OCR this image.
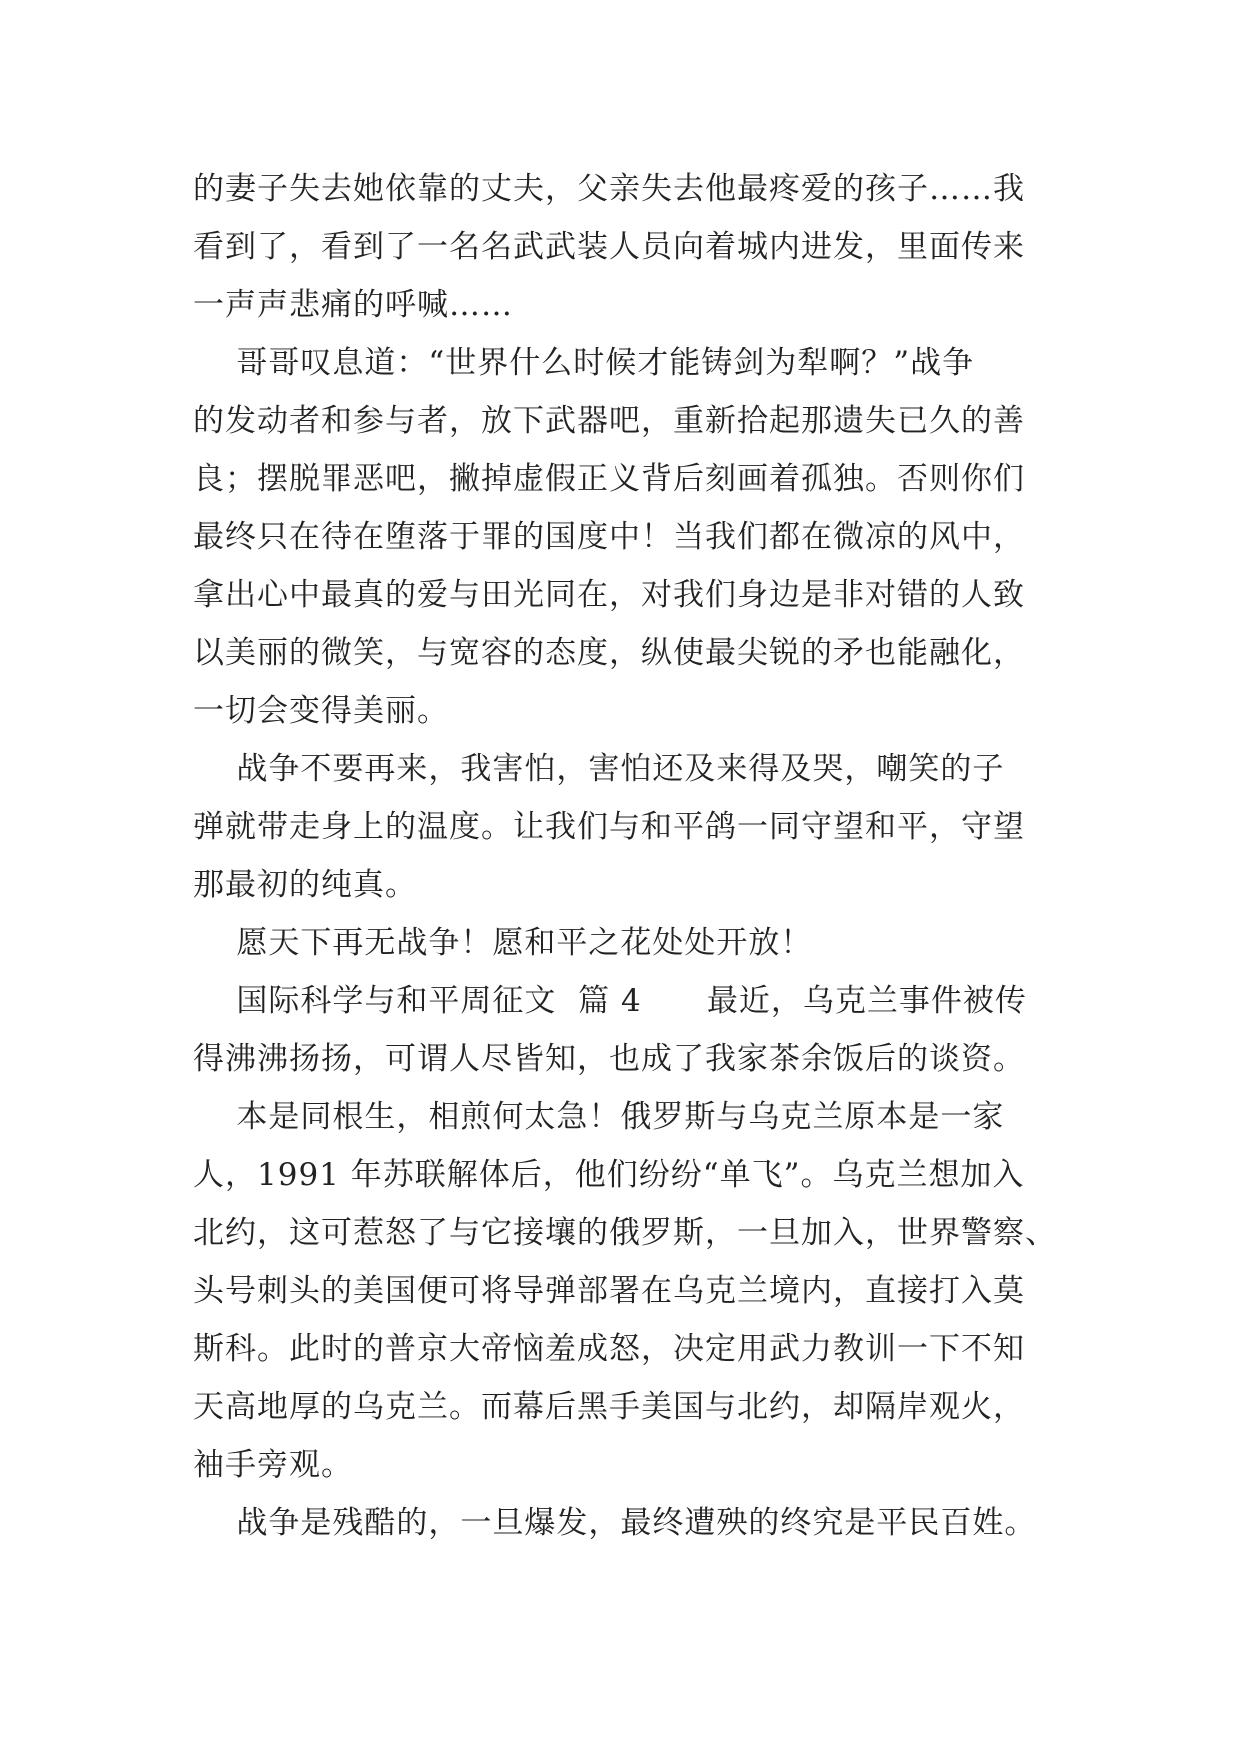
的妻子失去她依靠的丈夫，父亲失去他最疼爱的孩子……我
看到了，看到了一名名武武装人员向着城内进发，里面传来
一声声悲痛的呼喊……
哥哥叹息道：“世界什么时候才能铸剑为犁啊？”战争
的发动者和参与者，放下武器吧，重新拾起那遗失已久的善
良；摆脱罪恶吧，撇掉虚假正义背后刻画着孤独。否则你们
最终只在待在堕落于罪的国度中！当我们都在微凉的风中，
拿出心中最真的爱与田光同在，对我们身边是非对错的人致
以美丽的微笑，与宽容的态度，纵使最尖锐的矛也能融化，
一切会变得美丽。
战争不要再来，我害怕，害怕还及来得及哭，嘲笑的子
弹就带走身上的温度。让我们与和平鸽一同守望和平，守望
那最初的纯真。
愿天下再无战争！愿和平之花处处开放！
国际科学与和平周征文  篇 4      最近，乌克兰事件被传
得沸沸扬扬，可谓人尽皆知，也成了我家茶余饭后的谈资。
本是同根生，相煎何太急！俄罗斯与乌克兰原本是一家
人，1991 年苏联解体后，他们纷纷“单飞”。乌克兰想加入
北约，这可惹怒了与它接壤的俄罗斯，一旦加入，世界警察、
头号刺头的美国便可将导弹部署在乌克兰境内，直接打入莫
斯科。此时的普京大帝恼羞成怒，决定用武力教训一下不知
天高地厚的乌克兰。而幕后黑手美国与北约，却隔岸观火，
袖手旁观。
战争是残酷的，一旦爆发，最终遭殃的终究是平民百姓。
